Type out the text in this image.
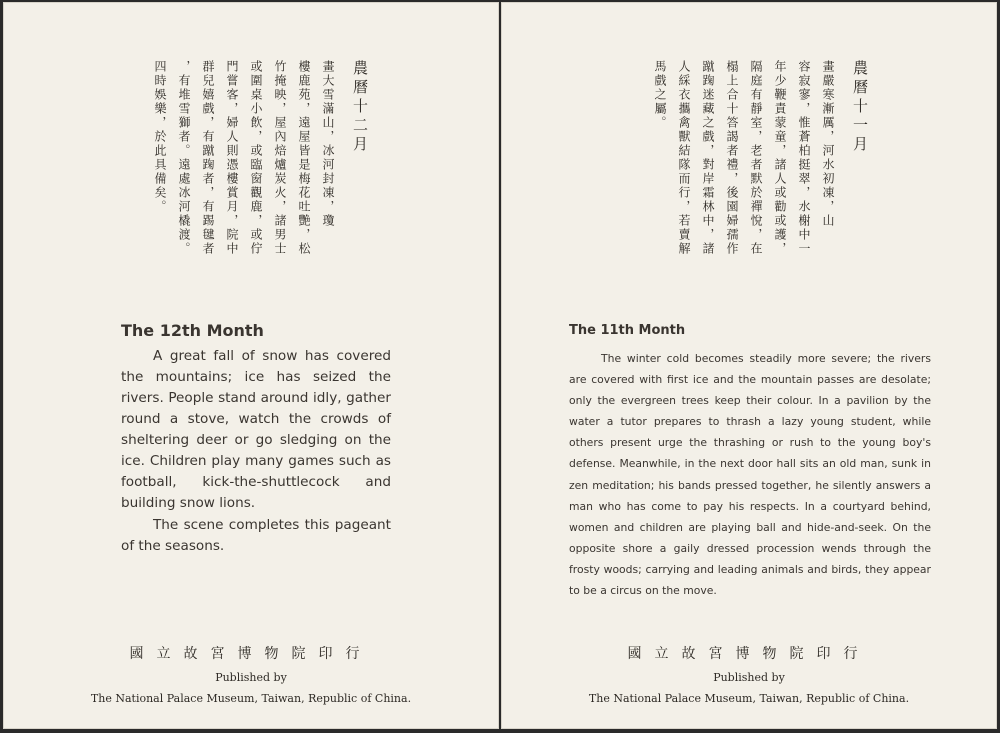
農曆十二月
畫大雪滿山，冰河封凍，瓊
樓鹿苑，遠屋皆是梅花吐艷，松
竹掩映，屋內焙爐炭火，諸男士
或圍桌小飲，或臨窗觀鹿，或佇
門嘗客，婦人則憑樓賞月，院中
群兒嬉戲，有蹴踘者，有踢毽者
，有堆雪獅者。遠處冰河橇渡。
四時娛樂，於此具備矣。
The 12th Month

A great fall of snow has covered the mountains; ice has seized the rivers. People stand around idly, gather round a stove, watch the crowds of sheltering deer or go sledging on the ice. Children play many games such as football, kick-the-shuttlecock and building snow lions.

The scene completes this pageant of the seasons.

國立故宮博物院印行
Published by
The National Palace Museum, Taiwan, Republic of China.
農曆十一月
畫嚴寒漸厲，河水初凍，山
容寂寥，惟蒼柏挺翠，水榭中一
年少鞭責蒙童，諸人或勸或護，
隔庭有靜室，老者默於禪悅，在
榻上合十答謁者禮，後園婦孺作
蹴踘迷藏之戲，對岸霜林中，諸
人綵衣攜禽獸結隊而行，若賣解
馬戲之屬。
The 11th Month

The winter cold becomes steadily more severe; the rivers are covered with first ice and the mountain passes are desolate; only the evergreen trees keep their colour. In a pavilion by the water a tutor prepares to thrash a lazy young student, while others present urge the thrashing or rush to the young boy's defense. Meanwhile, in the next door hall sits an old man, sunk in zen meditation; his bands pressed together, he silently answers a man who has come to pay his respects. In a courtyard behind, women and children are playing ball and hide-and-seek. On the opposite shore a gaily dressed procession wends through the frosty woods; carrying and leading animals and birds, they appear to be a circus on the move.

國立故宮博物院印行
Published by
The National Palace Museum, Taiwan, Republic of China.
